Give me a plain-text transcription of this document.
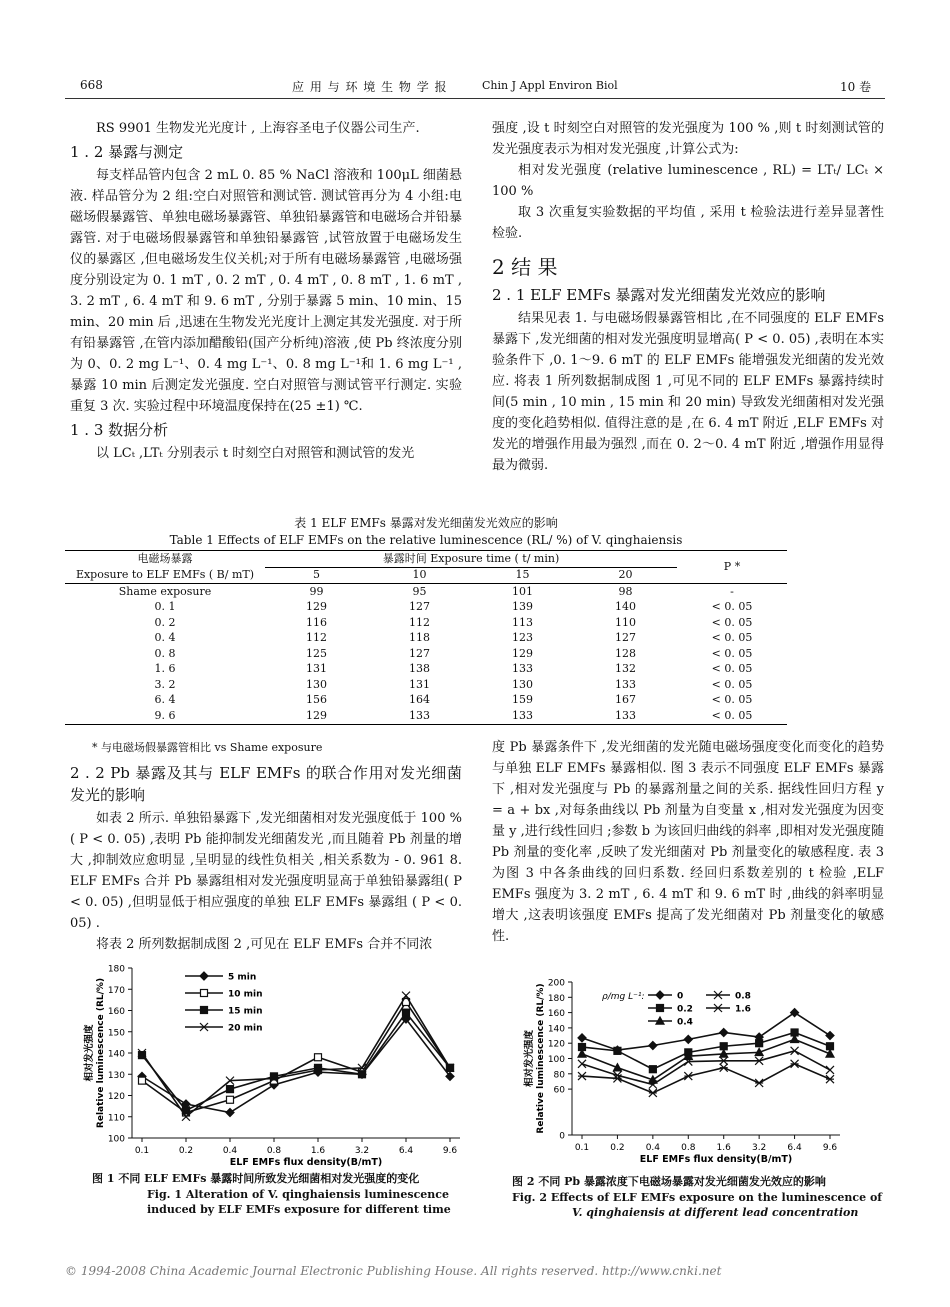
668	应 用 与 环 境 生 物 学 报	Chin J Appl Environ Biol	10 卷

RS 9901 生物发光光度计 , 上海容圣电子仪器公司生产.

1 . 2 暴露与测定

每支样品管内包含 2 mL 0. 85 % NaCl 溶液和 100μL 细菌悬液. 样品管分为 2 组:空白对照管和测试管. 测试管再分为 4 小组:电磁场假暴露管、单独电磁场暴露管、单独铅暴露管和电磁场合并铅暴露管. 对于电磁场假暴露管和单独铅暴露管 ,试管放置于电磁场发生仪的暴露区 ,但电磁场发生仪关机;对于所有电磁场暴露管 ,电磁场强度分别设定为 0. 1 mT , 0. 2 mT , 0. 4 mT , 0. 8 mT , 1. 6 mT , 3. 2 mT , 6. 4 mT 和 9. 6 mT , 分别于暴露 5 min、10 min、15 min、20 min 后 ,迅速在生物发光光度计上测定其发光强度. 对于所有铅暴露管 ,在管内添加醋酸铅(国产分析纯)溶液 ,使 Pb 终浓度分别为 0、0. 2 mg L⁻¹、0. 4 mg L⁻¹、0. 8 mg L⁻¹和 1. 6 mg L⁻¹ ,暴露 10 min 后测定发光强度. 空白对照管与测试管平行测定. 实验重复 3 次. 实验过程中环境温度保持在(25 ±1) ℃.

1 . 3 数据分析

以 LCₜ ,LTₜ 分别表示 t 时刻空白对照管和测试管的发光

强度 ,设 t 时刻空白对照管的发光强度为 100 % ,则 t 时刻测试管的发光强度表示为相对发光强度 ,计算公式为:

相对发光强度 (relative luminescence , RL) = LTₜ/ LCₜ × 100 %

取 3 次重复实验数据的平均值 , 采用 t 检验法进行差异显著性检验.

2 结 果
2 . 1 ELF EMFs 暴露对发光细菌发光效应的影响

结果见表 1. 与电磁场假暴露管相比 ,在不同强度的 ELF EMFs 暴露下 ,发光细菌的相对发光强度明显增高( P < 0. 05) ,表明在本实验条件下 ,0. 1～9. 6 mT 的 ELF EMFs 能增强发光细菌的发光效应. 将表 1 所列数据制成图 1 ,可见不同的 ELF EMFs 暴露持续时间(5 min , 10 min , 15 min 和 20 min) 导致发光细菌相对发光强度的变化趋势相似. 值得注意的是 ,在 6. 4 mT 附近 ,ELF EMFs 对发光的增强作用最为强烈 ,而在 0. 2～0. 4 mT 附近 ,增强作用显得最为微弱.

表 1 ELF EMFs 暴露对发光细菌发光效应的影响
Table 1 Effects of ELF EMFs on the relative luminescence (RL/ %) of V. qinghaiensis
电磁场暴露	暴露时间 Exposure time ( t/ min)				P *
Exposure to ELF EMFs ( B/ mT)	5	10	15	20	
Shame exposure	99	95	101	98	-
0. 1	129	127	139	140	< 0. 05
0. 2	116	112	113	110	< 0. 05
0. 4	112	118	123	127	< 0. 05
0. 8	125	127	129	128	< 0. 05
1. 6	131	138	133	132	< 0. 05
3. 2	130	131	130	133	< 0. 05
6. 4	156	164	159	167	< 0. 05
9. 6	129	133	133	133	< 0. 05
* 与电磁场假暴露管相比 vs Shame exposure
2 . 2 Pb 暴露及其与 ELF EMFs 的联合作用对发光细菌发光的影响

如表 2 所示. 单独铅暴露下 ,发光细菌相对发光强度低于 100 % ( P < 0. 05) ,表明 Pb 能抑制发光细菌发光 ,而且随着 Pb 剂量的增大 ,抑制效应愈明显 ,呈明显的线性负相关 ,相关系数为 - 0. 961 8. ELF EMFs 合并 Pb 暴露组相对发光强度明显高于单独铅暴露组( P < 0. 05) ,但明显低于相应强度的单独 ELF EMFs 暴露组 ( P < 0. 05) .

将表 2 所列数据制成图 2 ,可见在 ELF EMFs 合并不同浓

度 Pb 暴露条件下 ,发光细菌的发光随电磁场强度变化而变化的趋势与单独 ELF EMFs 暴露相似. 图 3 表示不同强度 ELF EMFs 暴露下 ,相对发光强度与 Pb 的暴露剂量之间的关系. 据线性回归方程 y = a + bx ,对每条曲线以 Pb 剂量为自变量 x ,相对发光强度为因变量 y ,进行线性回归 ;参数 b 为该回归曲线的斜率 ,即相对发光强度随 Pb 剂量的变化率 ,反映了发光细菌对 Pb 剂量变化的敏感程度. 表 3 为图 3 中各条曲线的回归系数. 经回归系数差别的 t 检验 ,ELF EMFs 强度为 3. 2 mT , 6. 4 mT 和 9. 6 mT 时 ,曲线的斜率明显增大 ,这表明该强度 EMFs 提高了发光细菌对 Pb 剂量变化的敏感性.

100
110
120
130
140
150
160
170
180
0.1	0.2	0.4	0.8	1.6	3.2	6.4	9.6
ELF EMFs flux density(B/mT)
相对发光强度 Relative luminescence (RL/%)
5 min
10 min
15 min
20 min
图 1 不同 ELF EMFs 暴露时间所致发光细菌相对发光强度的变化
Fig. 1 Alteration of V. qinghaiensis luminescence
induced by ELF EMFs exposure for different time
0
60
80
100
120
140
160
180
200
0.1 0.2 0.4 0.8 1.6 3.2 6.4 9.6
ELF EMFs flux density(B/mT)
相对发光强度 Relative luminescence (RL/%)	0
0.2
0.4
0.8
1.6
ρ/mg L⁻¹:
图 2 不同 Pb 暴露浓度下电磁场暴露对发光细菌发光效应的影响
Fig. 2 Effects of ELF EMFs exposure on the luminescence of
V. qinghaiensis at different lead concentration
© 1994-2008 China Academic Journal Electronic Publishing House. All rights reserved. http://www.cnki.net
